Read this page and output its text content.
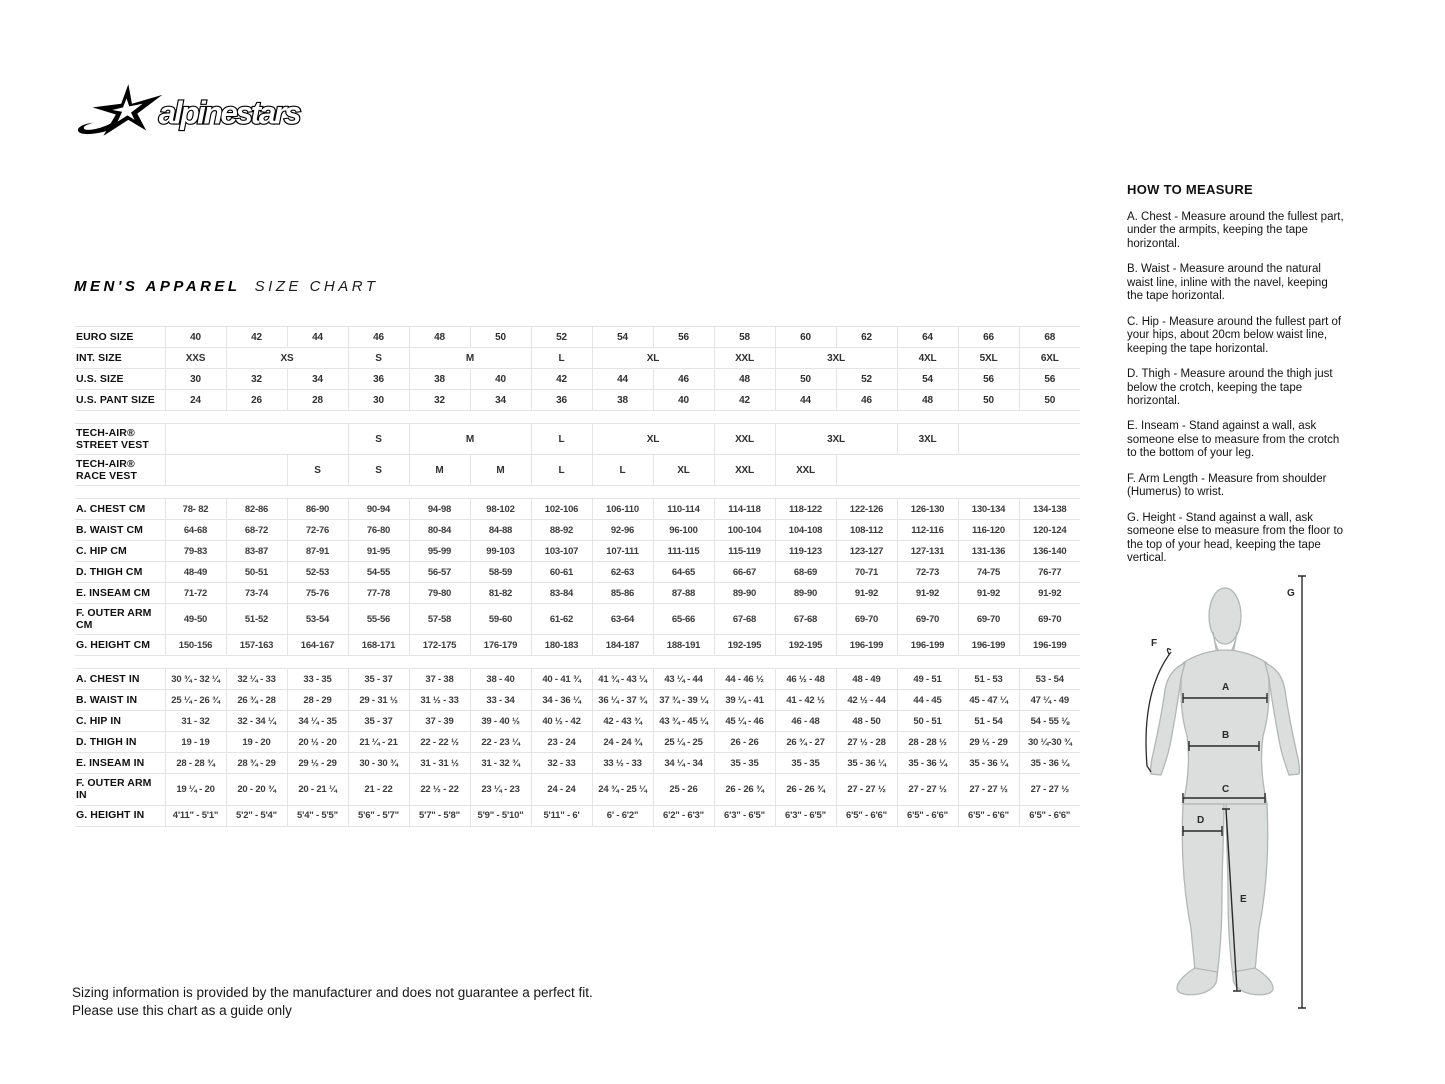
alpinestars
MEN'S APPAREL SIZE CHART
EURO SIZE	40	42	44	46	48	50	52	54	56	58	60	62	64	66	68
INT. SIZE	XXS	XS		S	M		L	XL		XXL	3XL		4XL	5XL	6XL
U.S. SIZE	30	32	34	36	38	40	42	44	46	48	50	52	54	56	56
U.S. PANT SIZE	24	26	28	30	32	34	36	38	40	42	44	46	48	50	50

TECH-AIR® STREET VEST				S	M		L	XL		XXL	3XL		3XL		
TECH-AIR® RACE VEST			S	S	M	M	L	L	XL	XXL	XXL				

A. CHEST CM	78- 82	82-86	86-90	90-94	94-98	98-102	102-106	106-110	110-114	114-118	118-122	122-126	126-130	130-134	134-138
B. WAIST CM	64-68	68-72	72-76	76-80	80-84	84-88	88-92	92-96	96-100	100-104	104-108	108-112	112-116	116-120	120-124
C. HIP CM	79-83	83-87	87-91	91-95	95-99	99-103	103-107	107-111	111-115	115-119	119-123	123-127	127-131	131-136	136-140
D. THIGH CM	48-49	50-51	52-53	54-55	56-57	58-59	60-61	62-63	64-65	66-67	68-69	70-71	72-73	74-75	76-77
E. INSEAM CM	71-72	73-74	75-76	77-78	79-80	81-82	83-84	85-86	87-88	89-90	89-90	91-92	91-92	91-92	91-92
F. OUTER ARM CM	49-50	51-52	53-54	55-56	57-58	59-60	61-62	63-64	65-66	67-68	67-68	69-70	69-70	69-70	69-70
G. HEIGHT CM	150-156	157-163	164-167	168-171	172-175	176-179	180-183	184-187	188-191	192-195	192-195	196-199	196-199	196-199	196-199

A. CHEST IN	30 ¾ - 32 ¼	32 ¼ - 33	33 - 35	35 - 37	37 - 38	38 - 40	40 - 41 ¾	41 ¾ - 43 ¼	43 ¼ - 44	44 - 46 ½	46 ½ - 48	48 - 49	49 - 51	51 - 53	53 - 54
B. WAIST IN	25 ¼ - 26 ¾	26 ¾ - 28	28 - 29	29 - 31 ½	31 ½ - 33	33 - 34	34 - 36 ¼	36 ¼ - 37 ¾	37 ¾ - 39 ¼	39 ¼ - 41	41 - 42 ½	42 ½ - 44	44 - 45	45 - 47 ¼	47 ¼ - 49
C. HIP IN	31 - 32	32 - 34 ¼	34 ¼ - 35	35 - 37	37 - 39	39 - 40 ½	40 ½ - 42	42 - 43 ¾	43 ¾ - 45 ¼	45 ¼ - 46	46 - 48	48 - 50	50 - 51	51 - 54	54 - 55 ⅛
D. THIGH IN	19 - 19	19 - 20	20 ½ - 20	21 ¼ - 21	22 - 22 ½	22 - 23 ¼	23 - 24	24 - 24 ¾	25 ¼ - 25	26 - 26	26 ¾ - 27	27 ½ - 28	28 - 28 ½	29 ½ - 29	30 ¼-30 ¾
E. INSEAM IN	28 - 28 ¾	28 ¾ - 29	29 ½ - 29	30 - 30 ¾	31 - 31 ½	31 - 32 ¾	32 - 33	33 ½ - 33	34 ¼ - 34	35 - 35	35 - 35	35 - 36 ¼	35 - 36 ¼	35 - 36 ¼	35 - 36 ¼
F. OUTER ARM IN	19 ¼ - 20	20 - 20 ¾	20 - 21 ¼	21 - 22	22 ½ - 22	23 ¼ - 23	24 - 24	24 ¾ - 25 ¼	25 - 26	26 - 26 ¾	26 - 26 ¾	27 - 27 ½	27 - 27 ½	27 - 27 ½	27 - 27 ½
G. HEIGHT IN	4'11" - 5'1"	5'2" - 5'4"	5'4" - 5'5"	5'6" - 5'7"	5'7" - 5'8"	5'9" - 5'10"	5'11" - 6'	6' - 6'2"	6'2" - 6'3"	6'3" - 6'5"	6'3" - 6'5"	6'5" - 6'6"	6'5" - 6'6"	6'5" - 6'6"	6'5" - 6'6"
HOW TO MEASURE

A. Chest - Measure around the fullest part, under the armpits, keeping the tape horizontal.

B. Waist - Measure around the natural waist line, inline with the navel, keeping the tape horizontal.

C. Hip - Measure around the fullest part of your hips, about 20cm below waist line, keeping the tape horizontal.

D. Thigh - Measure around the thigh just below the crotch, keeping the tape horizontal.

E. Inseam - Stand against a wall, ask someone else to measure from the crotch to the bottom of your leg.

F. Arm Length - Measure from shoulder (Humerus) to wrist.

G. Height - Stand against a wall, ask someone else to measure from the floor to the top of your head, keeping the tape vertical.

A
B
C
D
E
F
G
Sizing information is provided by the manufacturer and does not guarantee a perfect fit.
Please use this chart as a guide only
